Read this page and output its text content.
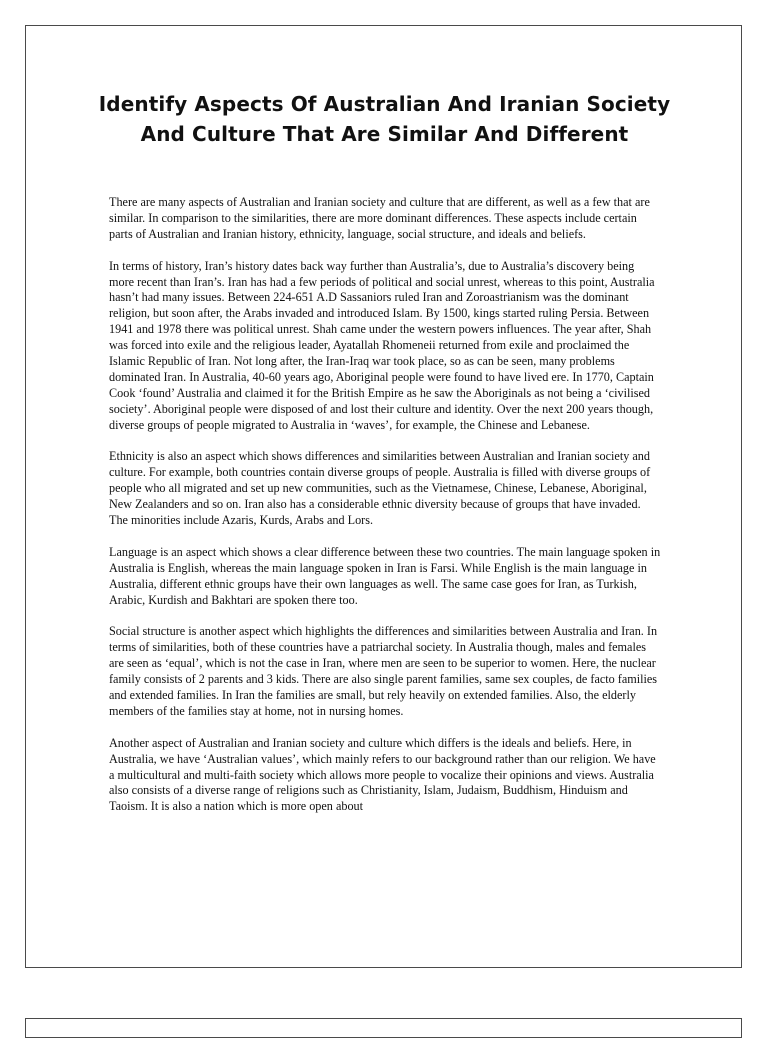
Identify Aspects Of Australian And Iranian Society And Culture That Are Similar And Different

There are many aspects of Australian and Iranian society and culture that are different, as well as a few that are similar. In comparison to the similarities, there are more dominant differences. These aspects include certain parts of Australian and Iranian history, ethnicity, language, social structure, and ideals and beliefs.

In terms of history, Iran’s history dates back way further than Australia’s, due to Australia’s discovery being more recent than Iran’s. Iran has had a few periods of political and social unrest, whereas to this point, Australia hasn’t had many issues. Between 224-651 A.D Sassaniors ruled Iran and Zoroastrianism was the dominant religion, but soon after, the Arabs invaded and introduced Islam. By 1500, kings started ruling Persia. Between 1941 and 1978 there was political unrest. Shah came under the western powers influences. The year after, Shah was forced into exile and the religious leader, Ayatallah Rhomeneii returned from exile and proclaimed the Islamic Republic of Iran. Not long after, the Iran-Iraq war took place, so as can be seen, many problems dominated Iran. In Australia, 40-60 years ago, Aboriginal people were found to have lived ere. In 1770, Captain Cook ‘found’ Australia and claimed it for the British Empire as he saw the Aboriginals as not being a ‘civilised society’. Aboriginal people were disposed of and lost their culture and identity. Over the next 200 years though, diverse groups of people migrated to Australia in ‘waves’, for example, the Chinese and Lebanese.

Ethnicity is also an aspect which shows differences and similarities between Australian and Iranian society and culture. For example, both countries contain diverse groups of people. Australia is filled with diverse groups of people who all migrated and set up new communities, such as the Vietnamese, Chinese, Lebanese, Aboriginal, New Zealanders and so on. Iran also has a considerable ethnic diversity because of groups that have invaded. The minorities include Azaris, Kurds, Arabs and Lors.

Language is an aspect which shows a clear difference between these two countries. The main language spoken in Australia is English, whereas the main language spoken in Iran is Farsi. While English is the main language in Australia, different ethnic groups have their own languages as well. The same case goes for Iran, as Turkish, Arabic, Kurdish and Bakhtari are spoken there too.

Social structure is another aspect which highlights the differences and similarities between Australia and Iran. In terms of similarities, both of these countries have a patriarchal society. In Australia though, males and females are seen as ‘equal’, which is not the case in Iran, where men are seen to be superior to women. Here, the nuclear family consists of 2 parents and 3 kids. There are also single parent families, same sex couples, de facto families and extended families. In Iran the families are small, but rely heavily on extended families. Also, the elderly members of the families stay at home, not in nursing homes.

Another aspect of Australian and Iranian society and culture which differs is the ideals and beliefs. Here, in Australia, we have ‘Australian values’, which mainly refers to our background rather than our religion. We have a multicultural and multi-faith society which allows more people to vocalize their opinions and views. Australia also consists of a diverse range of religions such as Christianity, Islam, Judaism, Buddhism, Hinduism and Taoism. It is also a nation which is more open about
